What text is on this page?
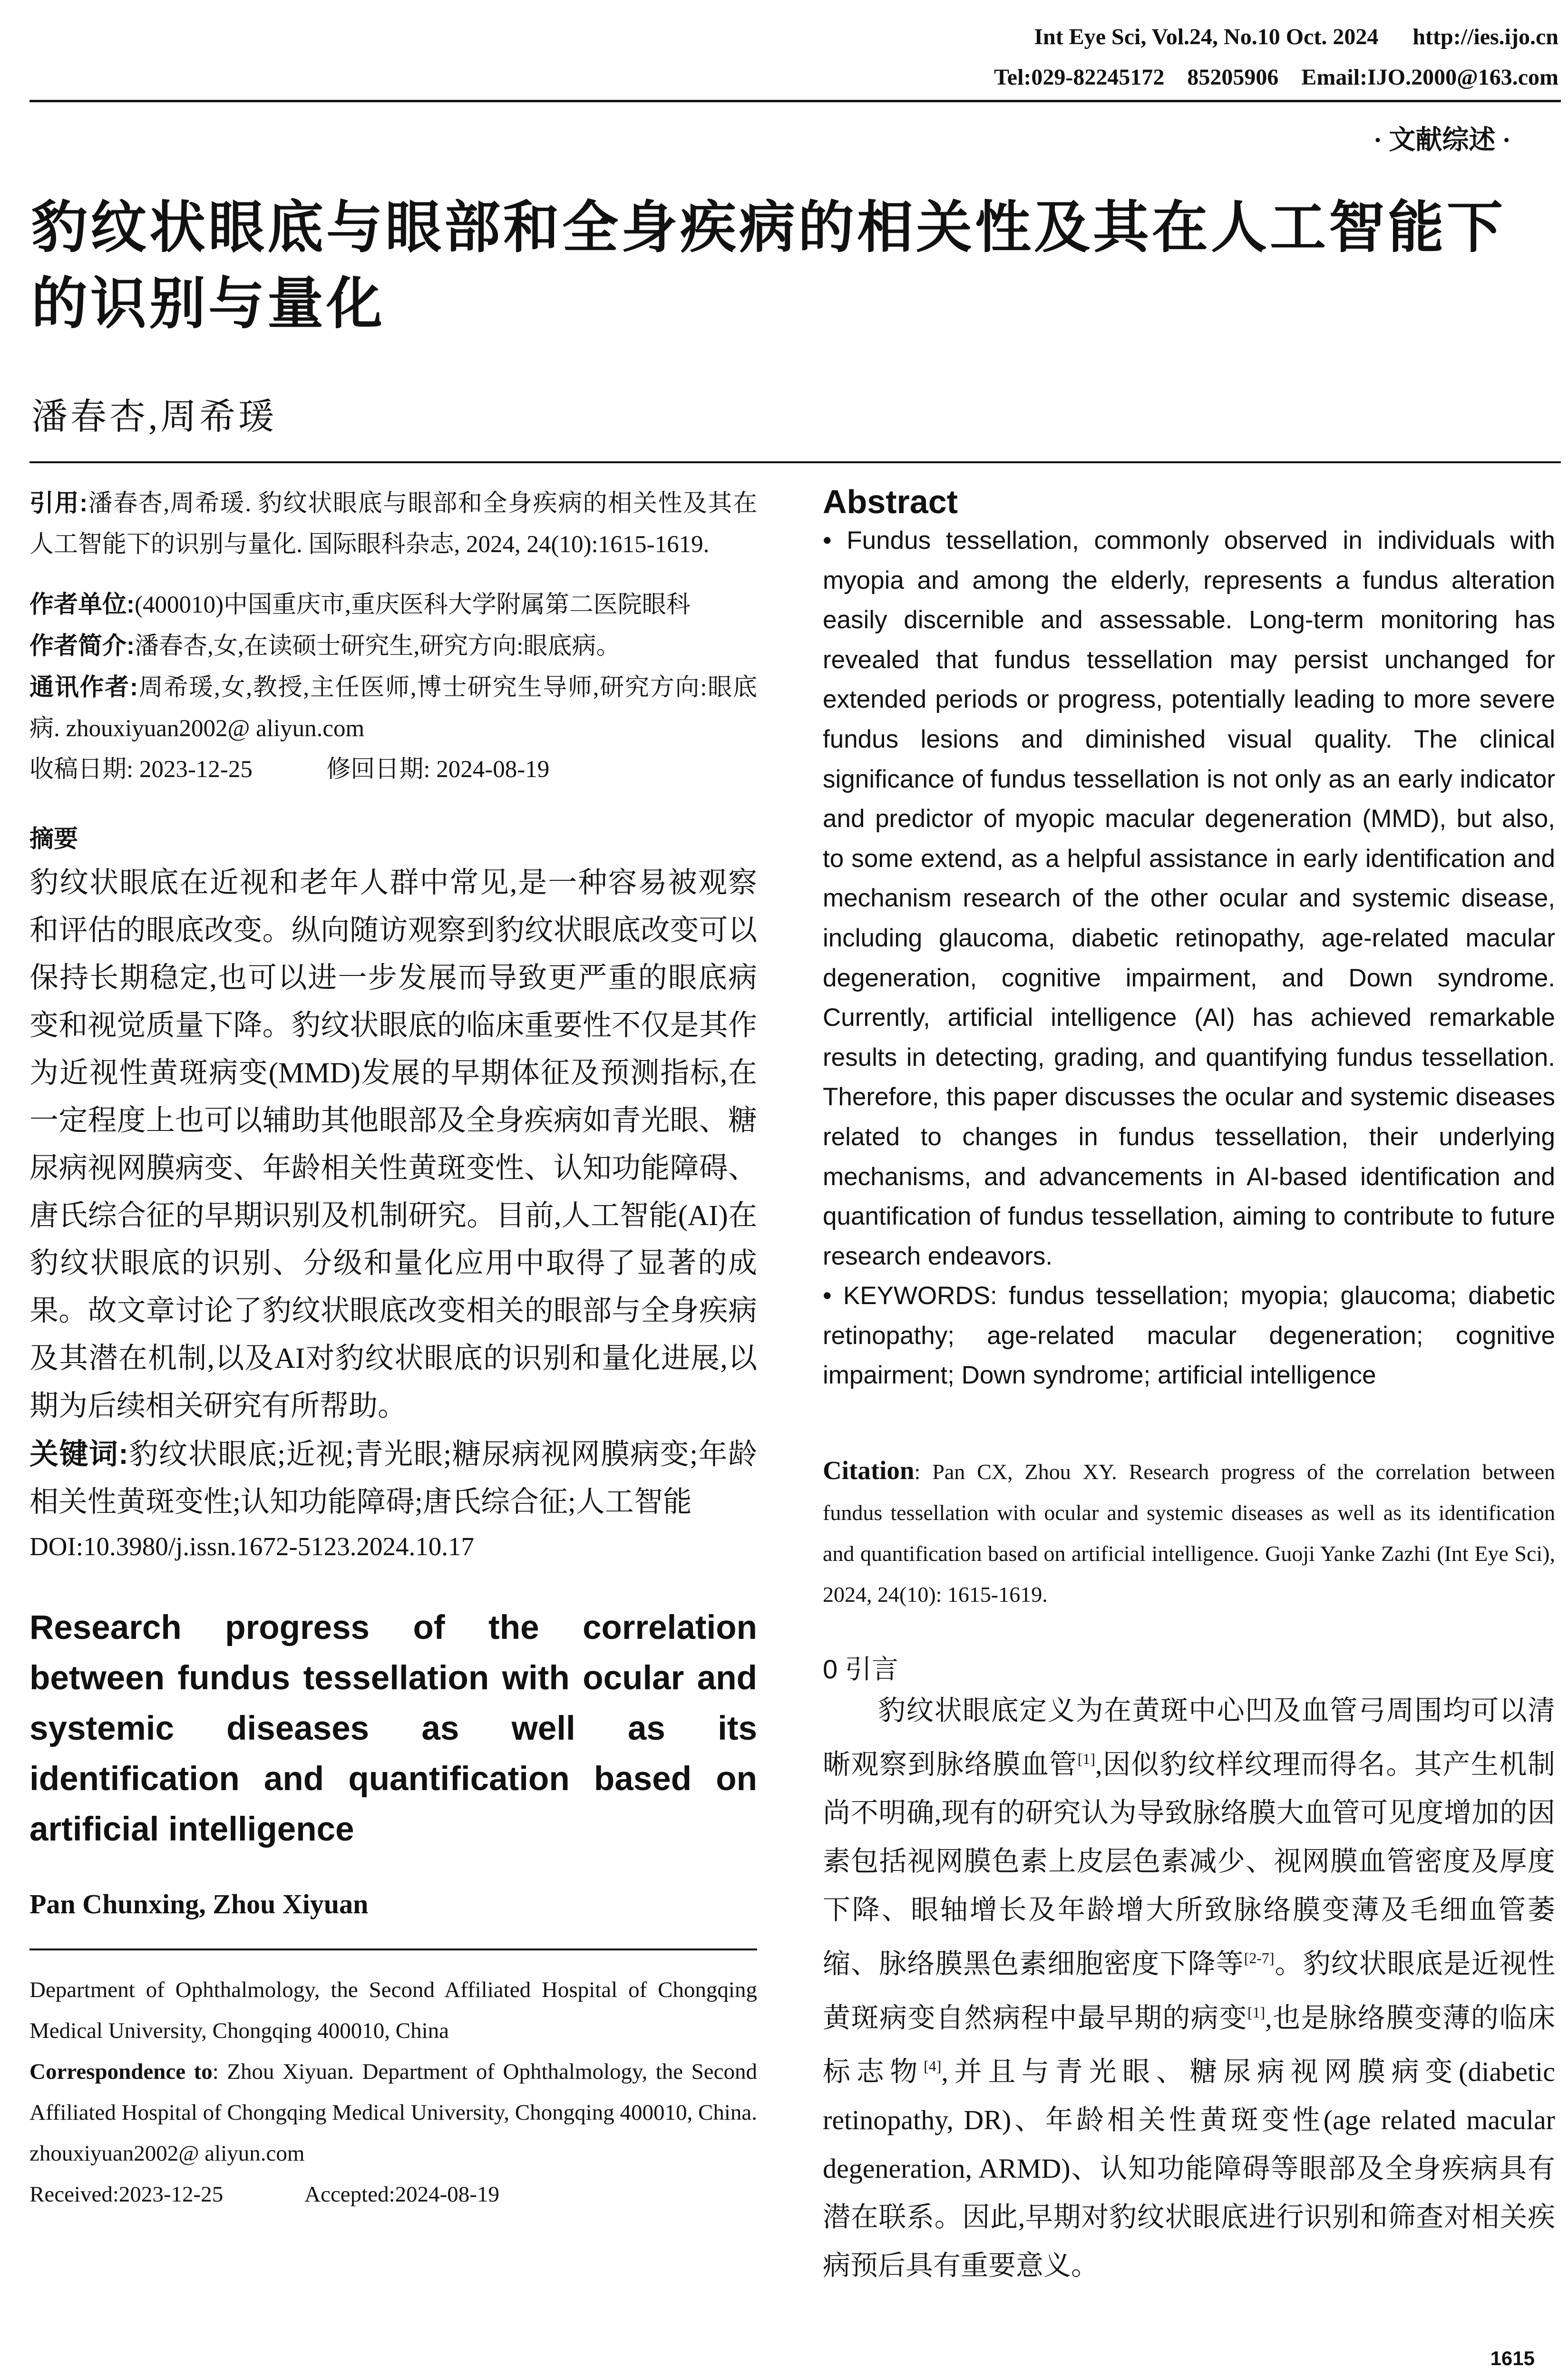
Int Eye Sci, Vol.24, No.10 Oct. 2024      http://ies.ijo.cn
Tel:029-82245172    85205906    Email:IJO.2000@163.com
· 文献综述 ·
豹纹状眼底与眼部和全身疾病的相关性及其在人工智能下的识别与量化
潘春杏,周希瑗
引用:潘春杏,周希瑗. 豹纹状眼底与眼部和全身疾病的相关性及其在人工智能下的识别与量化. 国际眼科杂志, 2024, 24(10):1615-1619.
作者单位:(400010)中国重庆市,重庆医科大学附属第二医院眼科
作者简介:潘春杏,女,在读硕士研究生,研究方向:眼底病。
通讯作者:周希瑗,女,教授,主任医师,博士研究生导师,研究方向:眼底病. zhouxiyuan2002@ aliyun.com
收稿日期: 2023-12-25	修回日期: 2024-08-19
摘要
豹纹状眼底在近视和老年人群中常见,是一种容易被观察和评估的眼底改变。纵向随访观察到豹纹状眼底改变可以保持长期稳定,也可以进一步发展而导致更严重的眼底病变和视觉质量下降。豹纹状眼底的临床重要性不仅是其作为近视性黄斑病变(MMD)发展的早期体征及预测指标,在一定程度上也可以辅助其他眼部及全身疾病如青光眼、糖尿病视网膜病变、年龄相关性黄斑变性、认知功能障碍、唐氏综合征的早期识别及机制研究。目前,人工智能(AI)在豹纹状眼底的识别、分级和量化应用中取得了显著的成果。故文章讨论了豹纹状眼底改变相关的眼部与全身疾病及其潜在机制,以及AI对豹纹状眼底的识别和量化进展,以期为后续相关研究有所帮助。
关键词:豹纹状眼底;近视;青光眼;糖尿病视网膜病变;年龄相关性黄斑变性;认知功能障碍;唐氏综合征;人工智能
DOI:10.3980/j.issn.1672-5123.2024.10.17
Research progress of the correlation between fundus tessellation with ocular and systemic diseases as well as its identification and quantification based on artificial intelligence
Pan Chunxing, Zhou Xiyuan
Department of Ophthalmology, the Second Affiliated Hospital of Chongqing Medical University, Chongqing 400010, China
Correspondence to: Zhou Xiyuan. Department of Ophthalmology, the Second Affiliated Hospital of Chongqing Medical University, Chongqing 400010, China. zhouxiyuan2002@ aliyun.com
Received:2023-12-25	Accepted:2024-08-19
Abstract
• Fundus tessellation, commonly observed in individuals with myopia and among the elderly, represents a fundus alteration easily discernible and assessable. Long-term monitoring has revealed that fundus tessellation may persist unchanged for extended periods or progress, potentially leading to more severe fundus lesions and diminished visual quality. The clinical significance of fundus tessellation is not only as an early indicator and predictor of myopic macular degeneration (MMD), but also, to some extend, as a helpful assistance in early identification and mechanism research of the other ocular and systemic disease, including glaucoma, diabetic retinopathy, age-related macular degeneration, cognitive impairment, and Down syndrome. Currently, artificial intelligence (AI) has achieved remarkable results in detecting, grading, and quantifying fundus tessellation. Therefore, this paper discusses the ocular and systemic diseases related to changes in fundus tessellation, their underlying mechanisms, and advancements in AI-based identification and quantification of fundus tessellation, aiming to contribute to future research endeavors.
• KEYWORDS: fundus tessellation; myopia; glaucoma; diabetic retinopathy; age-related macular degeneration; cognitive impairment; Down syndrome; artificial intelligence
Citation: Pan CX, Zhou XY. Research progress of the correlation between fundus tessellation with ocular and systemic diseases as well as its identification and quantification based on artificial intelligence. Guoji Yanke Zazhi (Int Eye Sci), 2024, 24(10): 1615-1619.
0 引言
豹纹状眼底定义为在黄斑中心凹及血管弓周围均可以清晰观察到脉络膜血管[1],因似豹纹样纹理而得名。其产生机制尚不明确,现有的研究认为导致脉络膜大血管可见度增加的因素包括视网膜色素上皮层色素减少、视网膜血管密度及厚度下降、眼轴增长及年龄增大所致脉络膜变薄及毛细血管萎缩、脉络膜黑色素细胞密度下降等[2-7]。豹纹状眼底是近视性黄斑病变自然病程中最早期的病变[1],也是脉络膜变薄的临床标志物[4],并且与青光眼、糖尿病视网膜病变(diabetic retinopathy, DR)、年龄相关性黄斑变性(age related macular degeneration, ARMD)、认知功能障碍等眼部及全身疾病具有潜在联系。因此,早期对豹纹状眼底进行识别和筛查对相关疾病预后具有重要意义。
1615
